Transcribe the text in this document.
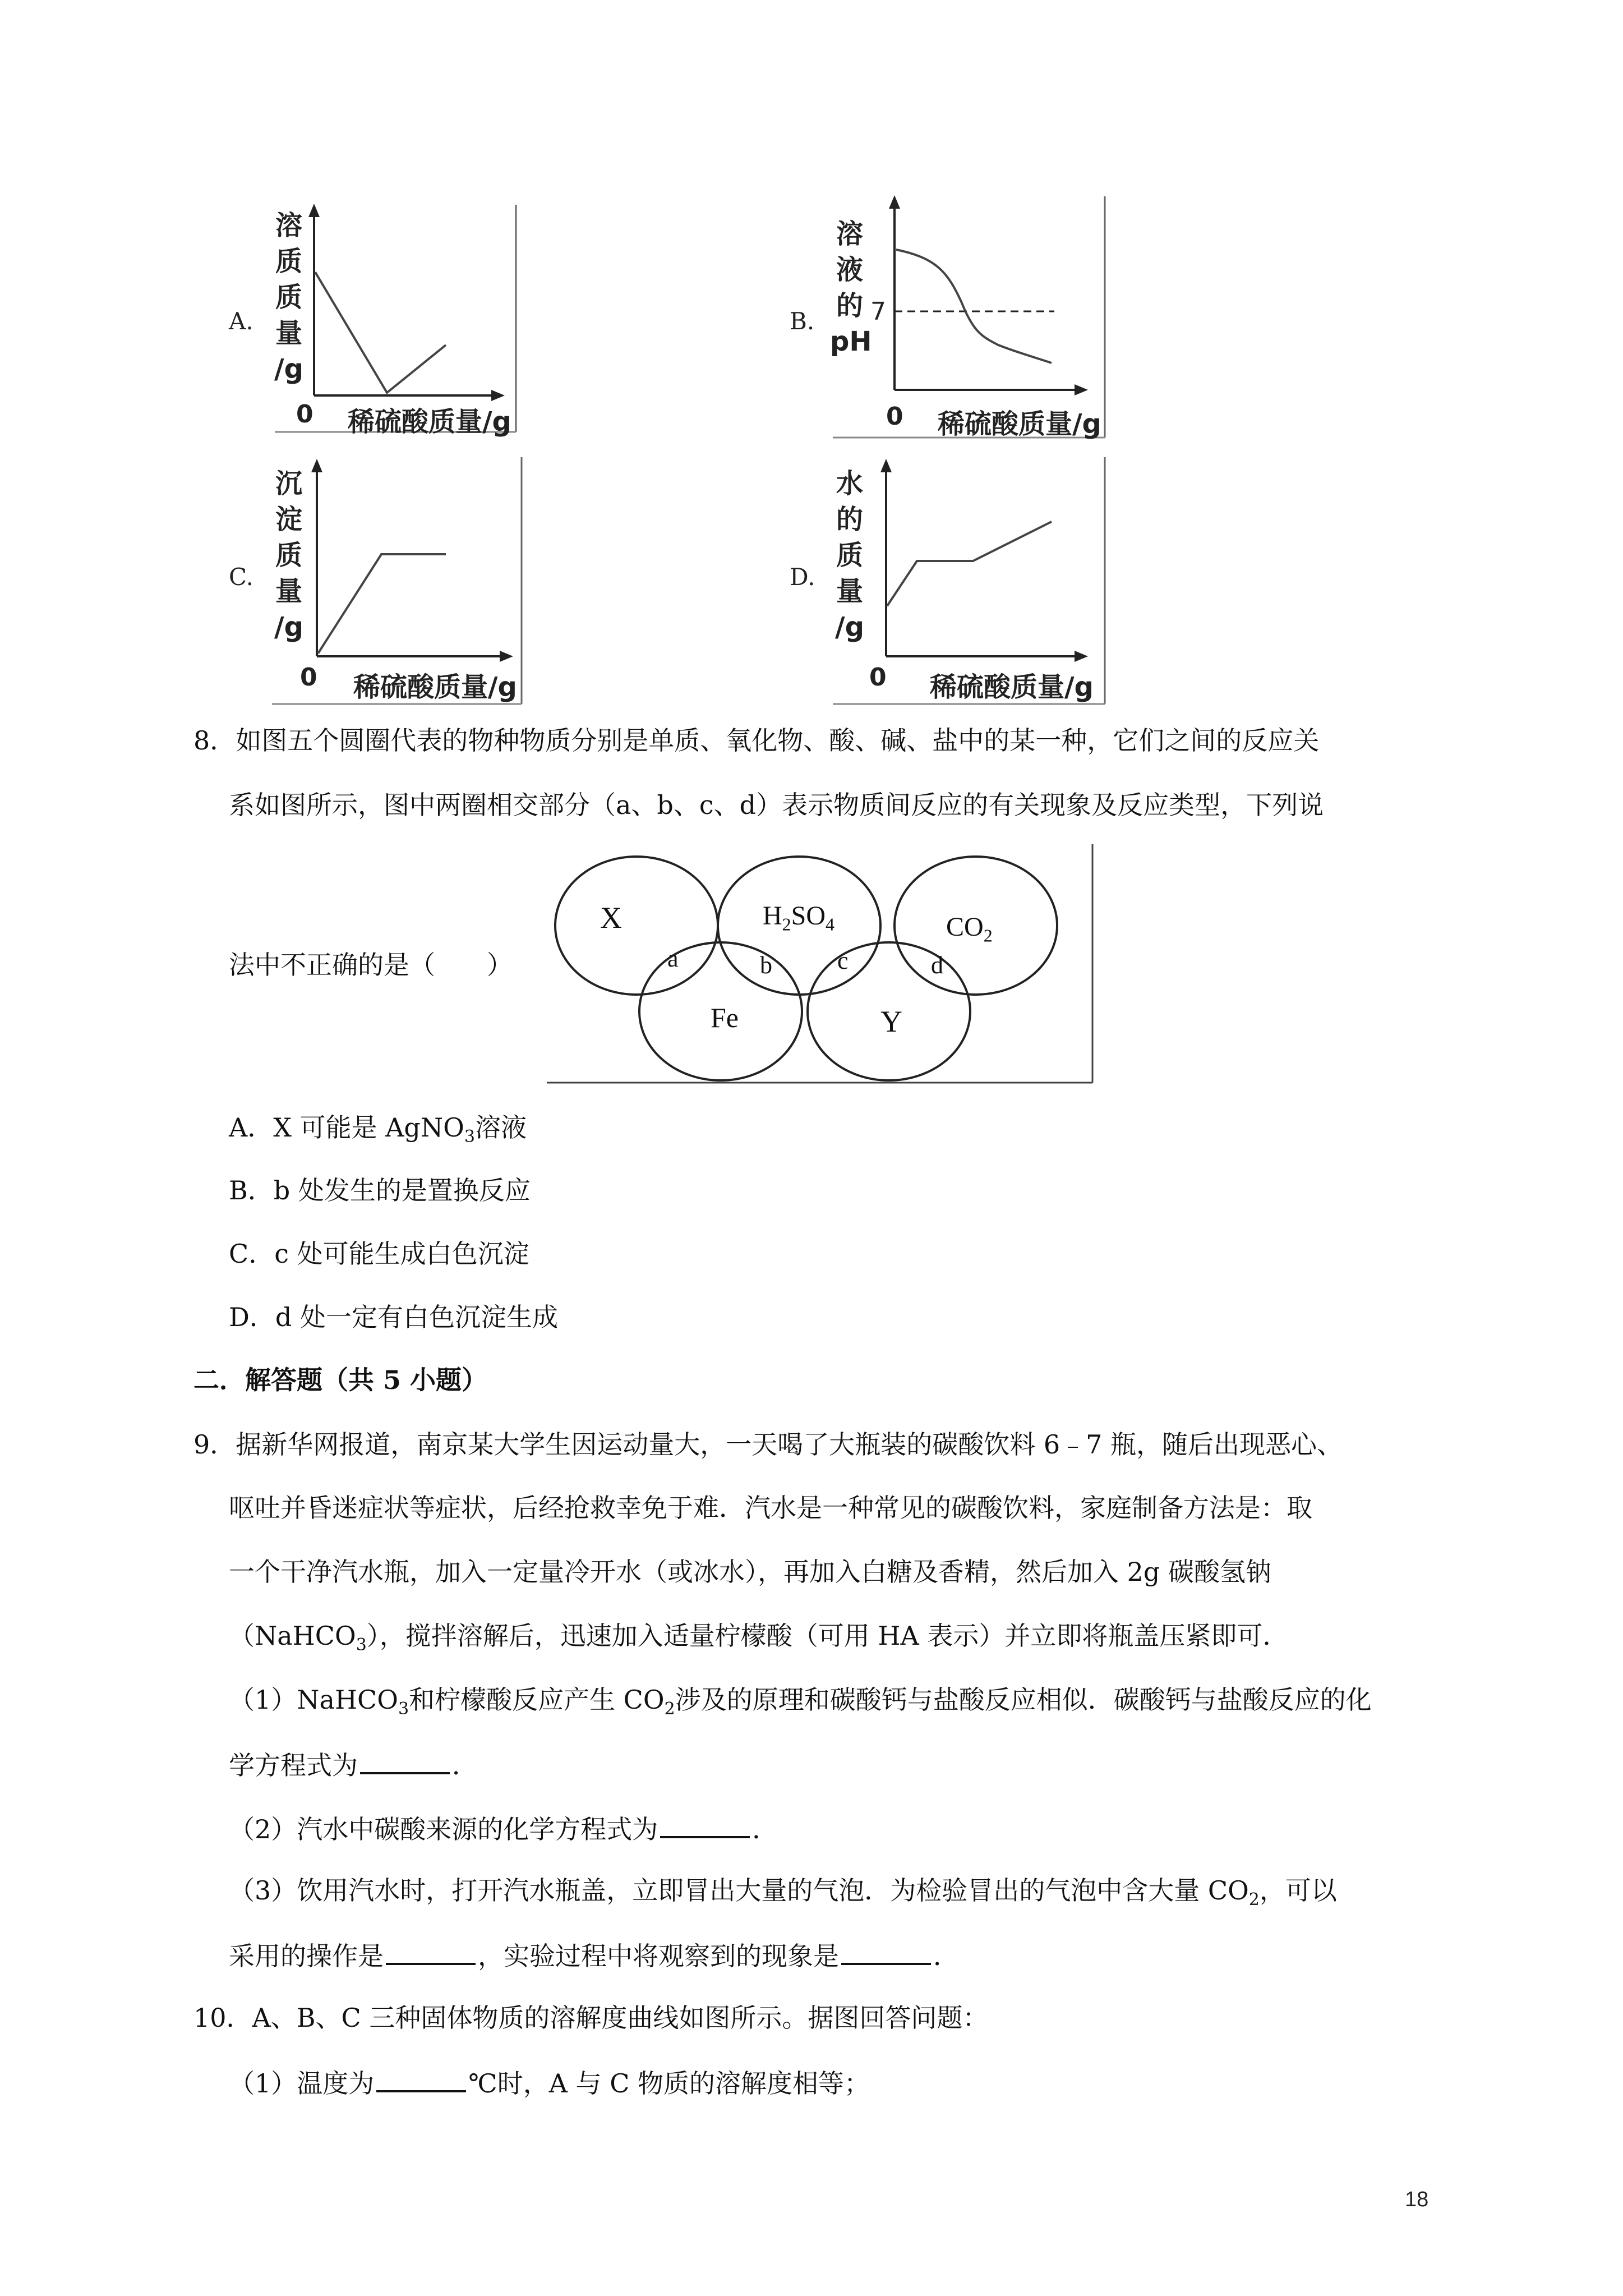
A.
溶
质
质
量
/g
0 稀硫酸质量/g
B.
溶
液
的
pH
7
0 稀硫酸质量/g
C.
沉
淀
质
量
/g
0 稀硫酸质量/g
D.
水
的
质
量
/g
0 稀硫酸质量/g
8．如图五个圆圈代表的物种物质分别是单质、氧化物、酸、碱、盐中的某一种，它们之间的反应关
系如图所示，图中两圈相交部分（a、b、c、d）表示物质间反应的有关现象及反应类型，下列说
法中不正确的是（　　）
X	$H_2SO_4$	$CO_2$
Fe	Y
a	b	c	d
A．X 可能是 AgNO$_3$溶液
B．b 处发生的是置换反应
C．c 处可能生成白色沉淀
D．d 处一定有白色沉淀生成
二．解答题（共 5 小题）
9．据新华网报道，南京某大学生因运动量大，一天喝了大瓶装的碳酸饮料 6﹣7 瓶，随后出现恶心、
呕吐并昏迷症状等症状，后经抢救幸免于难．汽水是一种常见的碳酸饮料，家庭制备方法是：取
一个干净汽水瓶，加入一定量冷开水（或冰水），再加入白糖及香精，然后加入 2g 碳酸氢钠
（NaHCO$_3$），搅拌溶解后，迅速加入适量柠檬酸（可用 HA 表示）并立即将瓶盖压紧即可．
（1）NaHCO$_3$和柠檬酸反应产生 $CO_2$涉及的原理和碳酸钙与盐酸反应相似．碳酸钙与盐酸反应的化
学方程式为	．
（2）汽水中碳酸来源的化学方程式为	．
（3）饮用汽水时，打开汽水瓶盖，立即冒出大量的气泡．为检验冒出的气泡中含大量 $CO_2$，可以
采用的操作是	，实验过程中将观察到的现象是	．
10．A、B、C 三种固体物质的溶解度曲线如图所示。据图回答问题：
（1）温度为	℃时，A 与 C 物质的溶解度相等；
18
